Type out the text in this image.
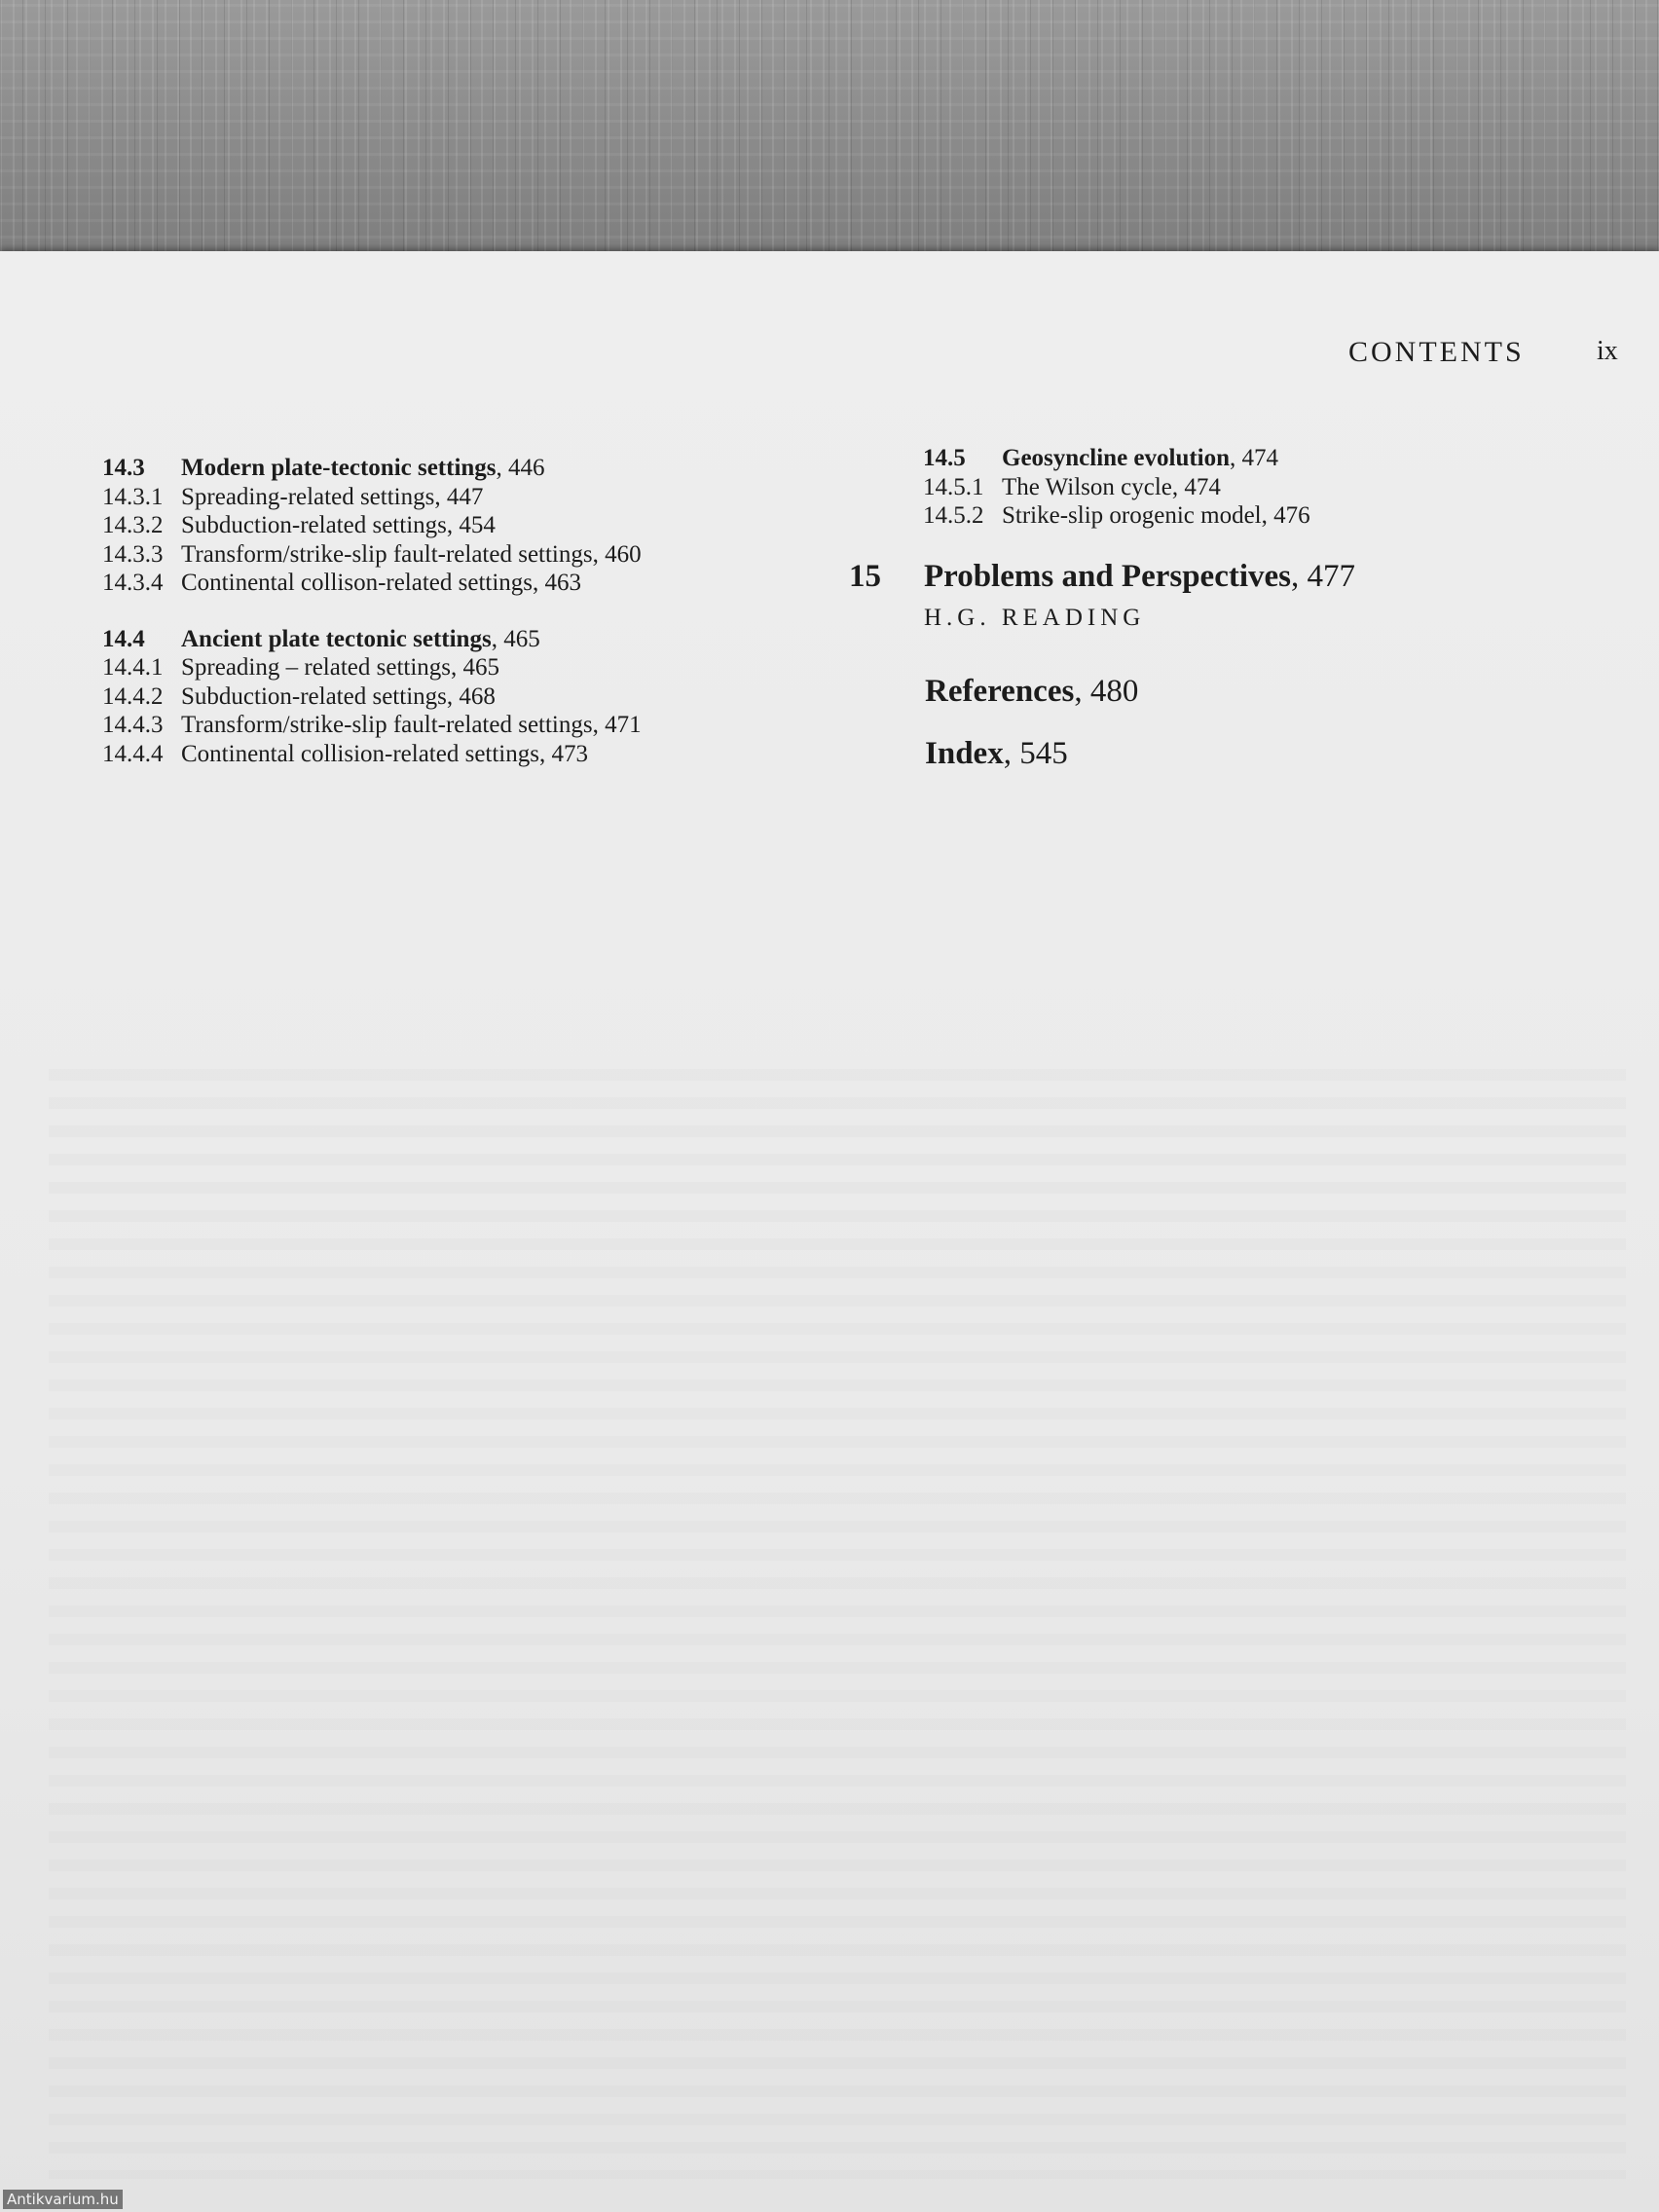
CONTENTS	ix
14.3	Modern plate-tectonic settings , 446
14.3.1 Spreading-related settings , 447
14.3.2 Subduction-related settings , 454
14.3.3 Transform/strike-slip fault-related settings , 460
14.3.4 Continental collison-related settings , 463
14.4	Ancient plate tectonic settings , 465
14.4.1 Spreading – related settings , 465
14.4.2 Subduction-related settings , 468
14.4.3 Transform/strike-slip fault-related settings , 471
14.4.4 Continental collision-related settings , 473
14.5	Geosyncline evolution , 474
14.5.1 The Wilson cycle , 474
14.5.2 Strike-slip orogenic model , 476
15	Problems and Perspectives , 477
H.G. READING
References , 480
Index , 545
Antikvarium.hu
